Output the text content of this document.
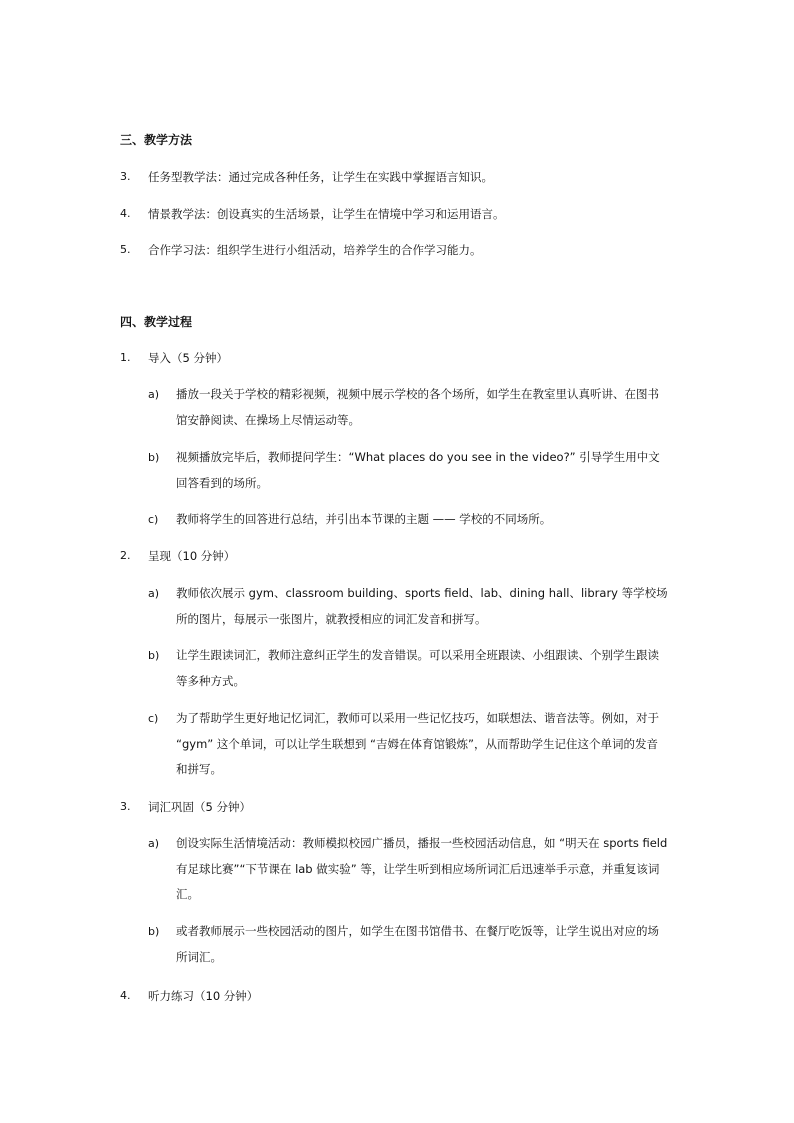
三、教学方法
3. 任务型教学法：通过完成各种任务，让学生在实践中掌握语言知识。
4. 情景教学法：创设真实的生活场景，让学生在情境中学习和运用语言。
5. 合作学习法：组织学生进行小组活动，培养学生的合作学习能力。
四、教学过程
1. 导入（5 分钟）
a) 播放一段关于学校的精彩视频，视频中展示学校的各个场所，如学生在教室里认真听讲、在图书馆安静阅读、在操场上尽情运动等。
b) 视频播放完毕后，教师提问学生：“What places do you see in the video?” 引导学生用中文回答看到的场所。
c) 教师将学生的回答进行总结，并引出本节课的主题 —— 学校的不同场所。
2. 呈现（10 分钟）
a) 教师依次展示 gym、classroom building、sports field、lab、dining hall、library 等学校场所的图片，每展示一张图片，就教授相应的词汇发音和拼写。
b) 让学生跟读词汇，教师注意纠正学生的发音错误。可以采用全班跟读、小组跟读、个别学生跟读等多种方式。
c) 为了帮助学生更好地记忆词汇，教师可以采用一些记忆技巧，如联想法、谐音法等。例如，对于 “gym” 这个单词，可以让学生联想到 “吉姆在体育馆锻炼”，从而帮助学生记住这个单词的发音和拼写。
3. 词汇巩固（5 分钟）
a) 创设实际生活情境活动：教师模拟校园广播员，播报一些校园活动信息，如 “明天在 sports field 有足球比赛”“下节课在 lab 做实验” 等，让学生听到相应场所词汇后迅速举手示意，并重复该词汇。
b) 或者教师展示一些校园活动的图片，如学生在图书馆借书、在餐厅吃饭等，让学生说出对应的场所词汇。
4. 听力练习（10 分钟）
